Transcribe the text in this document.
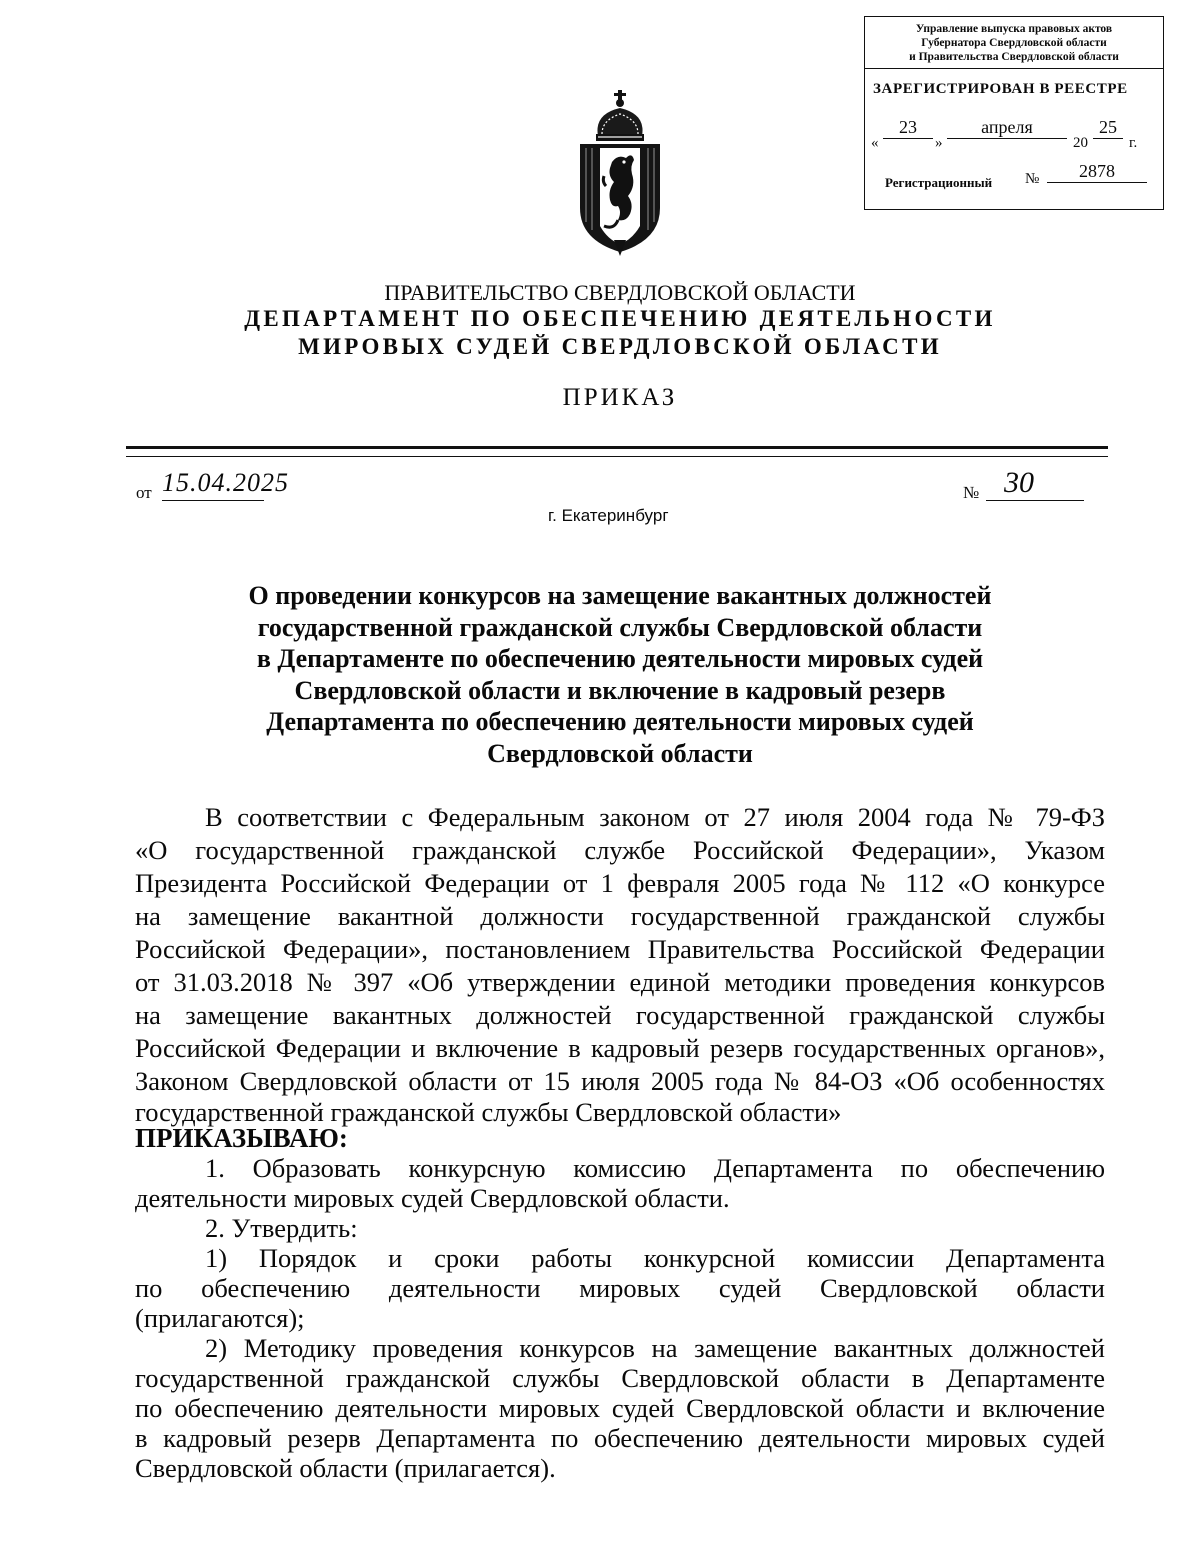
Управление выпуска правовых актов
Губернатора Свердловской области
и Правительства Свердловской области
ЗАРЕГИСТРИРОВАН В РЕЕСТРЕ
«
23
»
апреля
20
25
г.
Регистрационный №	2878
ПРАВИТЕЛЬСТВО СВЕРДЛОВСКОЙ ОБЛАСТИ
ДЕПАРТАМЕНТ ПО ОБЕСПЕЧЕНИЮ ДЕЯТЕЛЬНОСТИ
МИРОВЫХ СУДЕЙ СВЕРДЛОВСКОЙ ОБЛАСТИ
ПРИКАЗ
от 15.04.2025	№ 30
г. Екатеринбург
О проведении конкурсов на замещение вакантных должностей
государственной гражданской службы Свердловской области
в Департаменте по обеспечению деятельности мировых судей
Свердловской области и включение в кадровый резерв
Департамента по обеспечению деятельности мировых судей
Свердловской области
В соответствии с Федеральным законом от 27 июля 2004 года № 79-ФЗ
«О государственной гражданской службе Российской Федерации», Указом
Президента Российской Федерации от 1 февраля 2005 года № 112 «О конкурсе
на замещение вакантной должности государственной гражданской службы
Российской Федерации», постановлением Правительства Российской Федерации
от 31.03.2018 № 397 «Об утверждении единой методики проведения конкурсов
на замещение вакантных должностей государственной гражданской службы
Российской Федерации и включение в кадровый резерв государственных органов»,
Законом Свердловской области от 15 июля 2005 года № 84-ОЗ «Об особенностях
государственной гражданской службы Свердловской области»
ПРИКАЗЫВАЮ:
1. Образовать конкурсную комиссию Департамента по обеспечению
деятельности мировых судей Свердловской области.
2. Утвердить:
1) Порядок и сроки работы конкурсной комиссии Департамента
по обеспечению деятельности мировых судей Свердловской области
(прилагаются);
2) Методику проведения конкурсов на замещение вакантных должностей
государственной гражданской службы Свердловской области в Департаменте
по обеспечению деятельности мировых судей Свердловской области и включение
в кадровый резерв Департамента по обеспечению деятельности мировых судей
Свердловской области (прилагается).
